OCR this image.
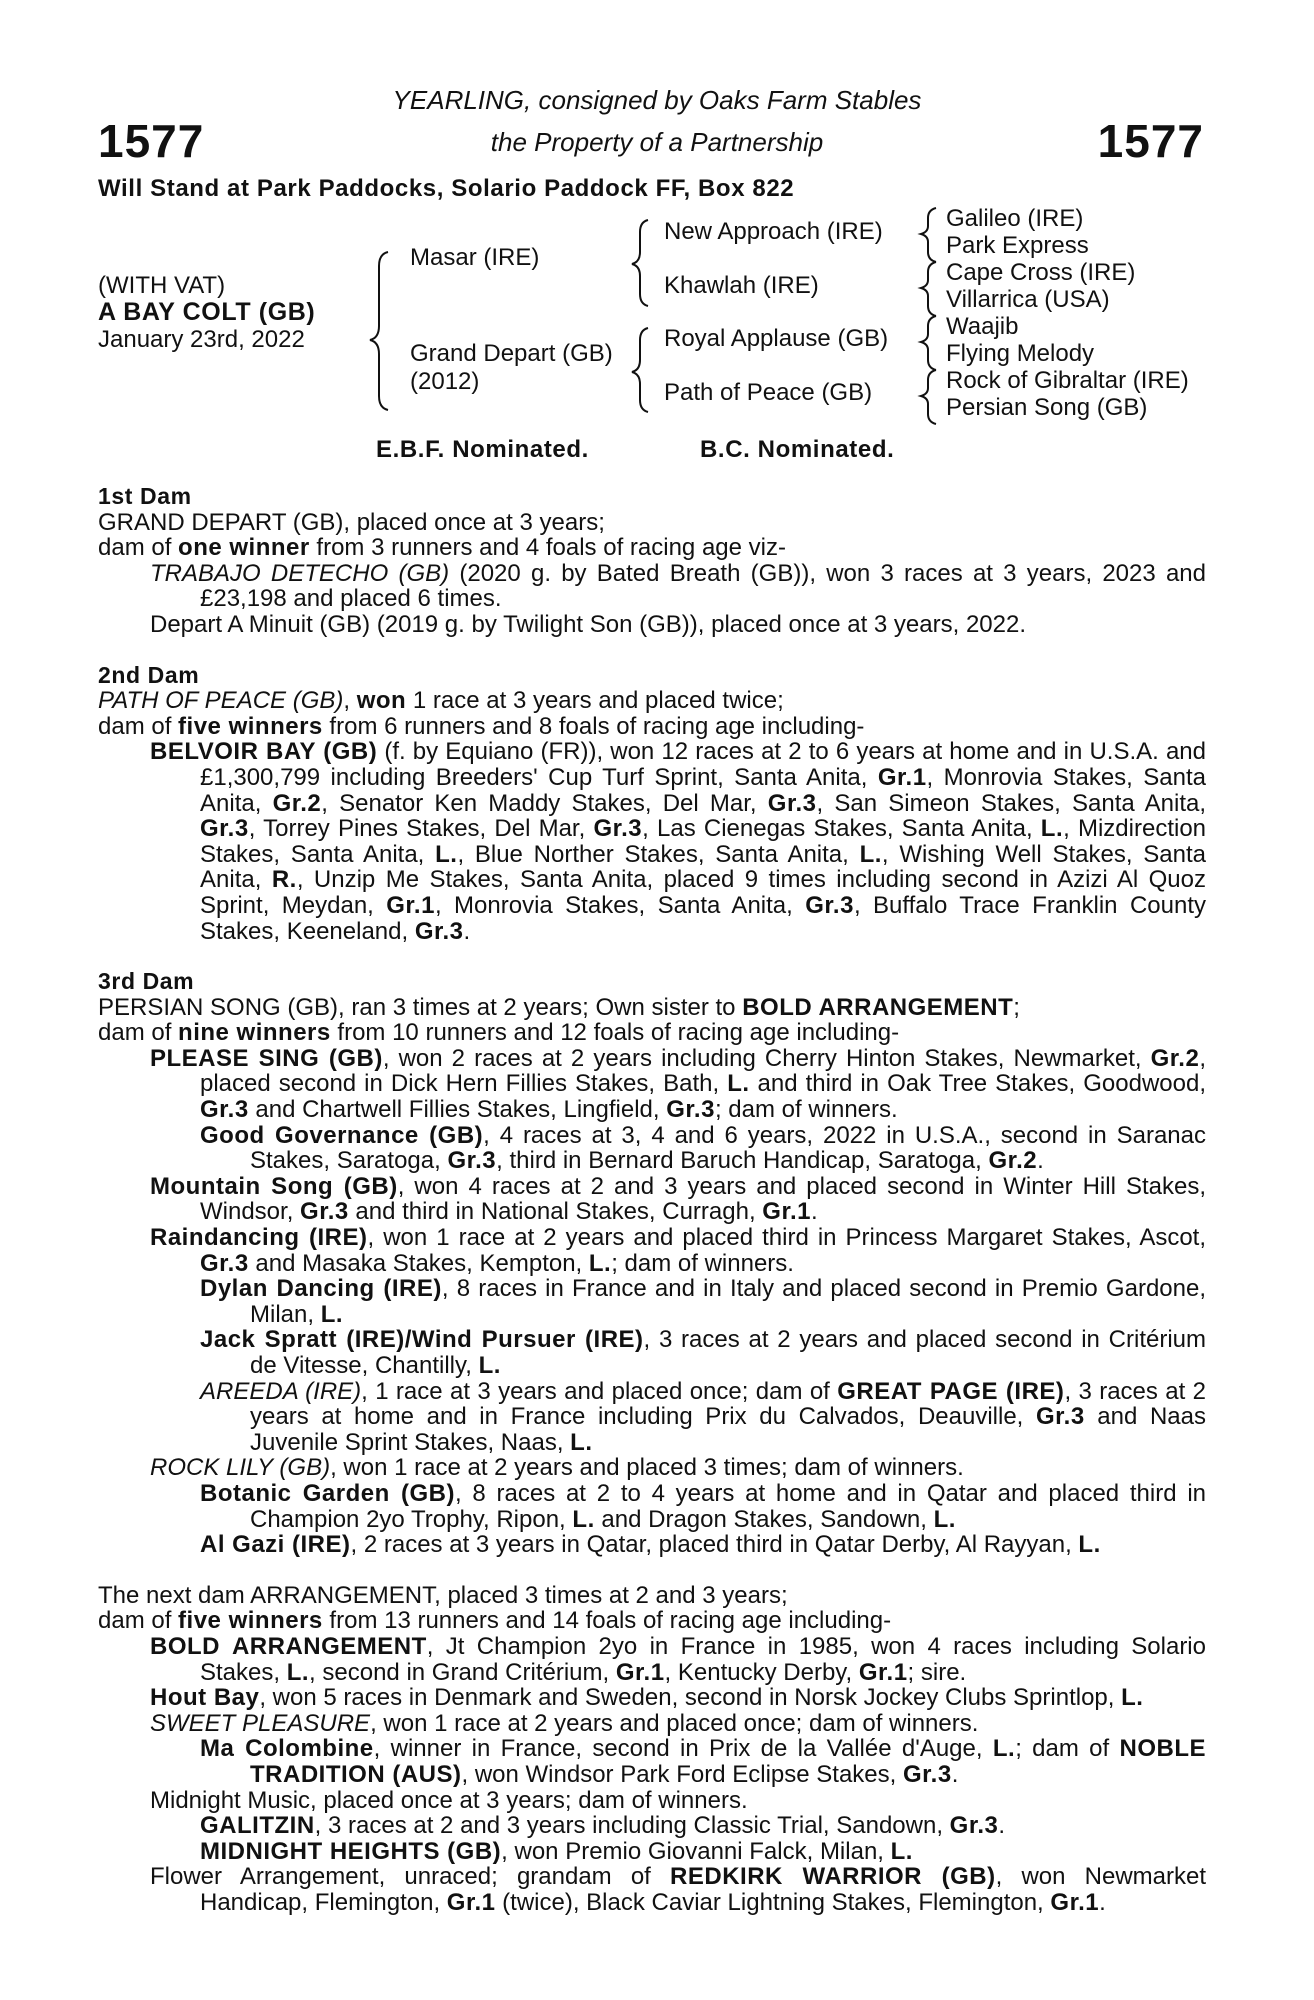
1577	1577
YEARLING, consigned by Oaks Farm Stables
the Property of a Partnership
Will Stand at Park Paddocks, Solario Paddock FF, Box 822
(WITH VAT)
A BAY COLT (GB)
January 23rd, 2022
Masar (IRE)
Grand Depart (GB)
(2012)
New Approach (IRE)
Khawlah (IRE)
Royal Applause (GB)
Path of Peace (GB)
Galileo (IRE)
Park Express
Cape Cross (IRE)
Villarrica (USA)
Waajib
Flying Melody
Rock of Gibraltar (IRE)
Persian Song (GB)
E.B.F. Nominated.	B.C. Nominated.
1st Dam
GRAND DEPART (GB), placed once at 3 years;
dam of one winner from 3 runners and 4 foals of racing age viz-
TRABAJO DETECHO (GB) (2020 g. by Bated Breath (GB)), won 3 races at 3 years, 2023 and £23,198 and placed 6 times.
Depart A Minuit (GB) (2019 g. by Twilight Son (GB)), placed once at 3 years, 2022.
2nd Dam
PATH OF PEACE (GB), won 1 race at 3 years and placed twice;
dam of five winners from 6 runners and 8 foals of racing age including-
BELVOIR BAY (GB) (f. by Equiano (FR)), won 12 races at 2 to 6 years at home and in U.S.A. and £1,300,799 including Breeders' Cup Turf Sprint, Santa Anita, Gr.1, Monrovia Stakes, Santa Anita, Gr.2, Senator Ken Maddy Stakes, Del Mar, Gr.3, San Simeon Stakes, Santa Anita, Gr.3, Torrey Pines Stakes, Del Mar, Gr.3, Las Cienegas Stakes, Santa Anita, L., Mizdirection Stakes, Santa Anita, L., Blue Norther Stakes, Santa Anita, L., Wishing Well Stakes, Santa Anita, R., Unzip Me Stakes, Santa Anita, placed 9 times including second in Azizi Al Quoz Sprint, Meydan, Gr.1, Monrovia Stakes, Santa Anita, Gr.3, Buffalo Trace Franklin County Stakes, Keeneland, Gr.3.
3rd Dam
PERSIAN SONG (GB), ran 3 times at 2 years; Own sister to BOLD ARRANGEMENT;
dam of nine winners from 10 runners and 12 foals of racing age including-
PLEASE SING (GB), won 2 races at 2 years including Cherry Hinton Stakes, Newmarket, Gr.2, placed second in Dick Hern Fillies Stakes, Bath, L. and third in Oak Tree Stakes, Goodwood, Gr.3 and Chartwell Fillies Stakes, Lingfield, Gr.3; dam of winners.
Good Governance (GB), 4 races at 3, 4 and 6 years, 2022 in U.S.A., second in Saranac Stakes, Saratoga, Gr.3, third in Bernard Baruch Handicap, Saratoga, Gr.2.
Mountain Song (GB), won 4 races at 2 and 3 years and placed second in Winter Hill Stakes, Windsor, Gr.3 and third in National Stakes, Curragh, Gr.1.
Raindancing (IRE), won 1 race at 2 years and placed third in Princess Margaret Stakes, Ascot, Gr.3 and Masaka Stakes, Kempton, L.; dam of winners.
Dylan Dancing (IRE), 8 races in France and in Italy and placed second in Premio Gardone, Milan, L.
Jack Spratt (IRE)/Wind Pursuer (IRE), 3 races at 2 years and placed second in Critérium de Vitesse, Chantilly, L.
AREEDA (IRE), 1 race at 3 years and placed once; dam of GREAT PAGE (IRE), 3 races at 2 years at home and in France including Prix du Calvados, Deauville, Gr.3 and Naas Juvenile Sprint Stakes, Naas, L.
ROCK LILY (GB), won 1 race at 2 years and placed 3 times; dam of winners.
Botanic Garden (GB), 8 races at 2 to 4 years at home and in Qatar and placed third in Champion 2yo Trophy, Ripon, L. and Dragon Stakes, Sandown, L.
Al Gazi (IRE), 2 races at 3 years in Qatar, placed third in Qatar Derby, Al Rayyan, L.
The next dam ARRANGEMENT, placed 3 times at 2 and 3 years;
dam of five winners from 13 runners and 14 foals of racing age including-
BOLD ARRANGEMENT, Jt Champion 2yo in France in 1985, won 4 races including Solario Stakes, L., second in Grand Critérium, Gr.1, Kentucky Derby, Gr.1; sire.
Hout Bay, won 5 races in Denmark and Sweden, second in Norsk Jockey Clubs Sprintlop, L.
SWEET PLEASURE, won 1 race at 2 years and placed once; dam of winners.
Ma Colombine, winner in France, second in Prix de la Vallée d'Auge, L.; dam of NOBLE TRADITION (AUS), won Windsor Park Ford Eclipse Stakes, Gr.3.
Midnight Music, placed once at 3 years; dam of winners.
GALITZIN, 3 races at 2 and 3 years including Classic Trial, Sandown, Gr.3.
MIDNIGHT HEIGHTS (GB), won Premio Giovanni Falck, Milan, L.
Flower Arrangement, unraced; grandam of REDKIRK WARRIOR (GB), won Newmarket Handicap, Flemington, Gr.1 (twice), Black Caviar Lightning Stakes, Flemington, Gr.1.
